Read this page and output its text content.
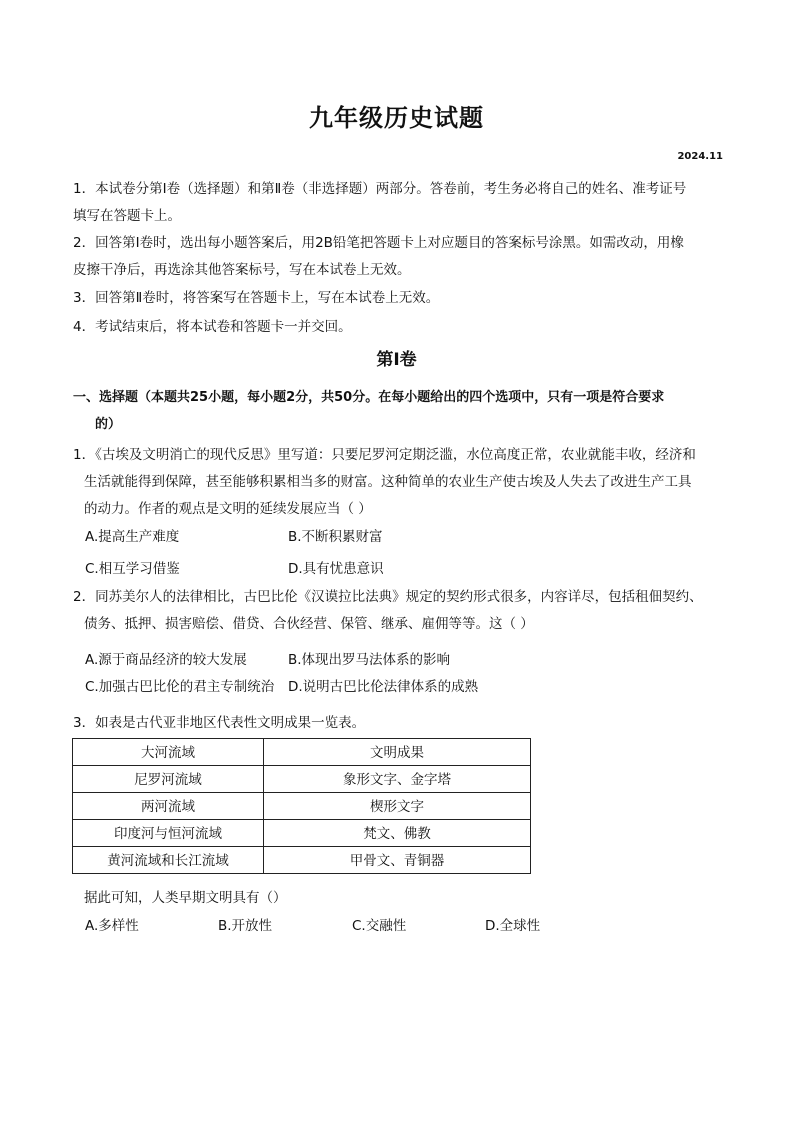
九年级历史试题
2024.11
1．本试卷分第Ⅰ卷（选择题）和第Ⅱ卷（非选择题）两部分。答卷前，考生务必将自己的姓名、准考证号
填写在答题卡上。
2．回答第Ⅰ卷时，选出每小题答案后，用2B铅笔把答题卡上对应题目的答案标号涂黑。如需改动，用橡
皮擦干净后，再选涂其他答案标号，写在本试卷上无效。
3．回答第Ⅱ卷时，将答案写在答题卡上，写在本试卷上无效。
4．考试结束后，将本试卷和答题卡一并交回。
第Ⅰ卷
一、选择题（本题共25小题，每小题2分，共50分。在每小题给出的四个选项中，只有一项是符合要求
的）
1．《古埃及文明消亡的现代反思》里写道：只要尼罗河定期泛滥，水位高度正常，农业就能丰收，经济和
生活就能得到保障，甚至能够积累相当多的财富。这种简单的农业生产使古埃及人失去了改进生产工具
的动力。作者的观点是文明的延续发展应当（ ）
A.提高生产难度	B.不断积累财富
C.相互学习借鉴	D.具有忧患意识
2．同苏美尔人的法律相比，古巴比伦《汉谟拉比法典》规定的契约形式很多，内容详尽，包括租佃契约、
债务、抵押、损害赔偿、借贷、合伙经营、保管、继承、雇佣等等。这（ ）
A.源于商品经济的较大发展	B.体现出罗马法体系的影响
C.加强古巴比伦的君主专制统治 D.说明古巴比伦法律体系的成熟
3．如表是古代亚非地区代表性文明成果一览表。
大河流域	文明成果
尼罗河流域	象形文字、金字塔
两河流域	楔形文字
印度河与恒河流域	梵文、佛教
黄河流域和长江流域	甲骨文、青铜器
据此可知，人类早期文明具有（）
A.多样性	B.开放性	C.交融性	D.全球性
